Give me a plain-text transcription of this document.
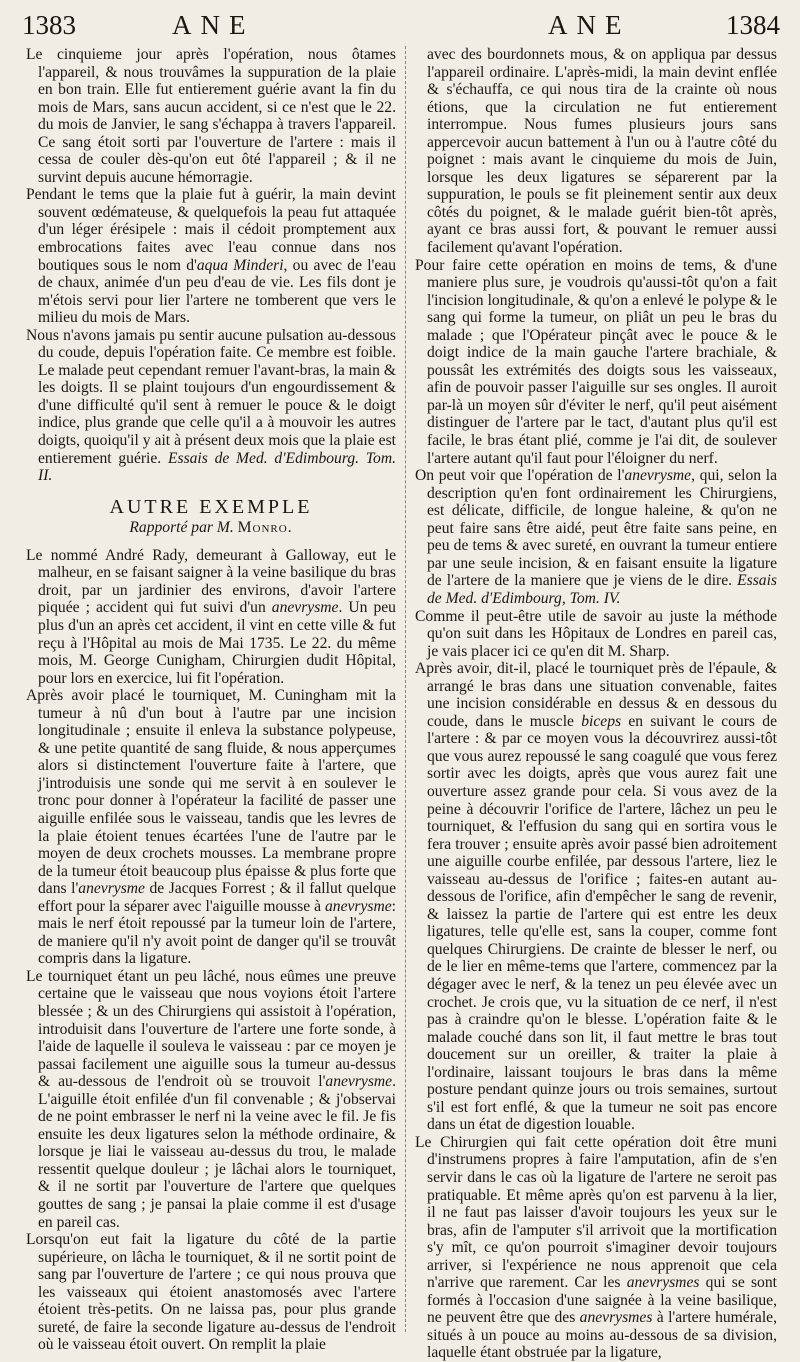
1383	ANE	ANE	1384

Le cinquieme jour après l'opération, nous ôtames l'appareil, & nous trouvâmes la suppuration de la plaie en bon train. Elle fut entierement guérie avant la fin du mois de Mars, sans aucun accident, si ce n'est que le 22. du mois de Janvier, le sang s'échappa à travers l'appareil. Ce sang étoit sorti par l'ouverture de l'artere : mais il cessa de couler dès-qu'on eut ôté l'appareil ; & il ne survint depuis aucune hémorragie.

Pendant le tems que la plaie fut à guérir, la main devint souvent œdémateuse, & quelquefois la peau fut attaquée d'un léger érésipele : mais il cédoit promptement aux embrocations faites avec l'eau connue dans nos boutiques sous le nom d'aqua Minderi, ou avec de l'eau de chaux, animée d'un peu d'eau de vie. Les fils dont je m'étois servi pour lier l'artere ne tomberent que vers le milieu du mois de Mars.

Nous n'avons jamais pu sentir aucune pulsation au-dessous du coude, depuis l'opération faite. Ce membre est foible. Le malade peut cependant remuer l'avant-bras, la main & les doigts. Il se plaint toujours d'un engourdissement & d'une difficulté qu'il sent à remuer le pouce & le doigt indice, plus grande que celle qu'il a à mouvoir les autres doigts, quoiqu'il y ait à présent deux mois que la plaie est entierement guérie. Essais de Med. d'Edimbourg. Tom. II.

AUTRE EXEMPLE
Rapporté par M. Monro.

Le nommé André Rady, demeurant à Galloway, eut le malheur, en se faisant saigner à la veine basilique du bras droit, par un jardinier des environs, d'avoir l'artere piquée ; accident qui fut suivi d'un anevrysme. Un peu plus d'un an après cet accident, il vint en cette ville & fut reçu à l'Hôpital au mois de Mai 1735. Le 22. du même mois, M. George Cunigham, Chirurgien dudit Hôpital, pour lors en exercice, lui fit l'opération.

Après avoir placé le tourniquet, M. Cuningham mit la tumeur à nû d'un bout à l'autre par une incision longitudinale ; ensuite il enleva la substance polypeuse, & une petite quantité de sang fluide, & nous apperçumes alors si distinctement l'ouverture faite à l'artere, que j'introduisis une sonde qui me servit à en soulever le tronc pour donner à l'opérateur la facilité de passer une aiguille enfilée sous le vaisseau, tandis que les levres de la plaie étoient tenues écartées l'une de l'autre par le moyen de deux crochets mousses. La membrane propre de la tumeur étoit beaucoup plus épaisse & plus forte que dans l'anevrysme de Jacques Forrest ; & il fallut quelque effort pour la séparer avec l'aiguille mousse à anevrysme: mais le nerf étoit repoussé par la tumeur loin de l'artere, de maniere qu'il n'y avoit point de danger qu'il se trouvât compris dans la ligature.

Le tourniquet étant un peu lâché, nous eûmes une preuve certaine que le vaisseau que nous voyions étoit l'artere blessée ; & un des Chirurgiens qui assistoit à l'opération, introduisit dans l'ouverture de l'artere une forte sonde, à l'aide de laquelle il souleva le vaisseau : par ce moyen je passai facilement une aiguille sous la tumeur au-dessus & au-dessous de l'endroit où se trouvoit l'anevrysme. L'aiguille étoit enfilée d'un fil convenable ; & j'observai de ne point embrasser le nerf ni la veine avec le fil. Je fis ensuite les deux ligatures selon la méthode ordinaire, & lorsque je liai le vaisseau au-dessus du trou, le malade ressentit quelque douleur ; je lâchai alors le tourniquet, & il ne sortit par l'ouverture de l'artere que quelques gouttes de sang ; je pansai la plaie comme il est d'usage en pareil cas.

Lorsqu'on eut fait la ligature du côté de la partie supérieure, on lâcha le tourniquet, & il ne sortit point de sang par l'ouverture de l'artere ; ce qui nous prouva que les vaisseaux qui étoient anastomosés avec l'artere étoient très-petits. On ne laissa pas, pour plus grande sureté, de faire la seconde ligature au-dessus de l'endroit où le vaisseau étoit ouvert. On remplit la plaie

avec des bourdonnets mous, & on appliqua par dessus l'appareil ordinaire. L'après-midi, la main devint enflée & s'échauffa, ce qui nous tira de la crainte où nous étions, que la circulation ne fut entierement interrompue. Nous fumes plusieurs jours sans appercevoir aucun battement à l'un ou à l'autre côté du poignet : mais avant le cinquieme du mois de Juin, lorsque les deux ligatures se séparerent par la suppuration, le pouls se fit pleinement sentir aux deux côtés du poignet, & le malade guérit bien-tôt après, ayant ce bras aussi fort, & pouvant le remuer aussi facilement qu'avant l'opération.

Pour faire cette opération en moins de tems, & d'une maniere plus sure, je voudrois qu'aussi-tôt qu'on a fait l'incision longitudinale, & qu'on a enlevé le polype & le sang qui forme la tumeur, on pliât un peu le bras du malade ; que l'Opérateur pinçât avec le pouce & le doigt indice de la main gauche l'artere brachiale, & poussât les extrémités des doigts sous les vaisseaux, afin de pouvoir passer l'aiguille sur ses ongles. Il auroit par-là un moyen sûr d'éviter le nerf, qu'il peut aisément distinguer de l'artere par le tact, d'autant plus qu'il est facile, le bras étant plié, comme je l'ai dit, de soulever l'artere autant qu'il faut pour l'éloigner du nerf.

On peut voir que l'opération de l'anevrysme, qui, selon la description qu'en font ordinairement les Chirurgiens, est délicate, difficile, de longue haleine, & qu'on ne peut faire sans être aidé, peut être faite sans peine, en peu de tems & avec sureté, en ouvrant la tumeur entiere par une seule incision, & en faisant ensuite la ligature de l'artere de la maniere que je viens de le dire. Essais de Med. d'Edimbourg, Tom. IV.

Comme il peut-être utile de savoir au juste la méthode qu'on suit dans les Hôpitaux de Londres en pareil cas, je vais placer ici ce qu'en dit M. Sharp.

Après avoir, dit-il, placé le tourniquet près de l'épaule, & arrangé le bras dans une situation convenable, faites une incision considérable en dessus & en dessous du coude, dans le muscle biceps en suivant le cours de l'artere : & par ce moyen vous la découvrirez aussi-tôt que vous aurez repoussé le sang coagulé que vous ferez sortir avec les doigts, après que vous aurez fait une ouverture assez grande pour cela. Si vous avez de la peine à découvrir l'orifice de l'artere, lâchez un peu le tourniquet, & l'effusion du sang qui en sortira vous le fera trouver ; ensuite après avoir passé bien adroitement une aiguille courbe enfilée, par dessous l'artere, liez le vaisseau au-dessus de l'orifice ; faites-en autant au-dessous de l'orifice, afin d'empêcher le sang de revenir, & laissez la partie de l'artere qui est entre les deux ligatures, telle qu'elle est, sans la couper, comme font quelques Chirurgiens. De crainte de blesser le nerf, ou de le lier en même-tems que l'artere, commencez par la dégager avec le nerf, & la tenez un peu élevée avec un crochet. Je crois que, vu la situation de ce nerf, il n'est pas à craindre qu'on le blesse. L'opération faite & le malade couché dans son lit, il faut mettre le bras tout doucement sur un oreiller, & traiter la plaie à l'ordinaire, laissant toujours le bras dans la même posture pendant quinze jours ou trois semaines, surtout s'il est fort enflé, & que la tumeur ne soit pas encore dans un état de digestion louable.

Le Chirurgien qui fait cette opération doit être muni d'instrumens propres à faire l'amputation, afin de s'en servir dans le cas où la ligature de l'artere ne seroit pas pratiquable. Et même après qu'on est parvenu à la lier, il ne faut pas laisser d'avoir toujours les yeux sur le bras, afin de l'amputer s'il arrivoit que la mortification s'y mît, ce qu'on pourroit s'imaginer devoir toujours arriver, si l'expérience ne nous apprenoit que cela n'arrive que rarement. Car les anevrysmes qui se sont formés à l'occasion d'une saignée à la veine basilique, ne peuvent être que des anevrysmes à l'artere humérale, situés à un pouce au moins au-dessous de sa division, laquelle étant obstruée par la ligature,
